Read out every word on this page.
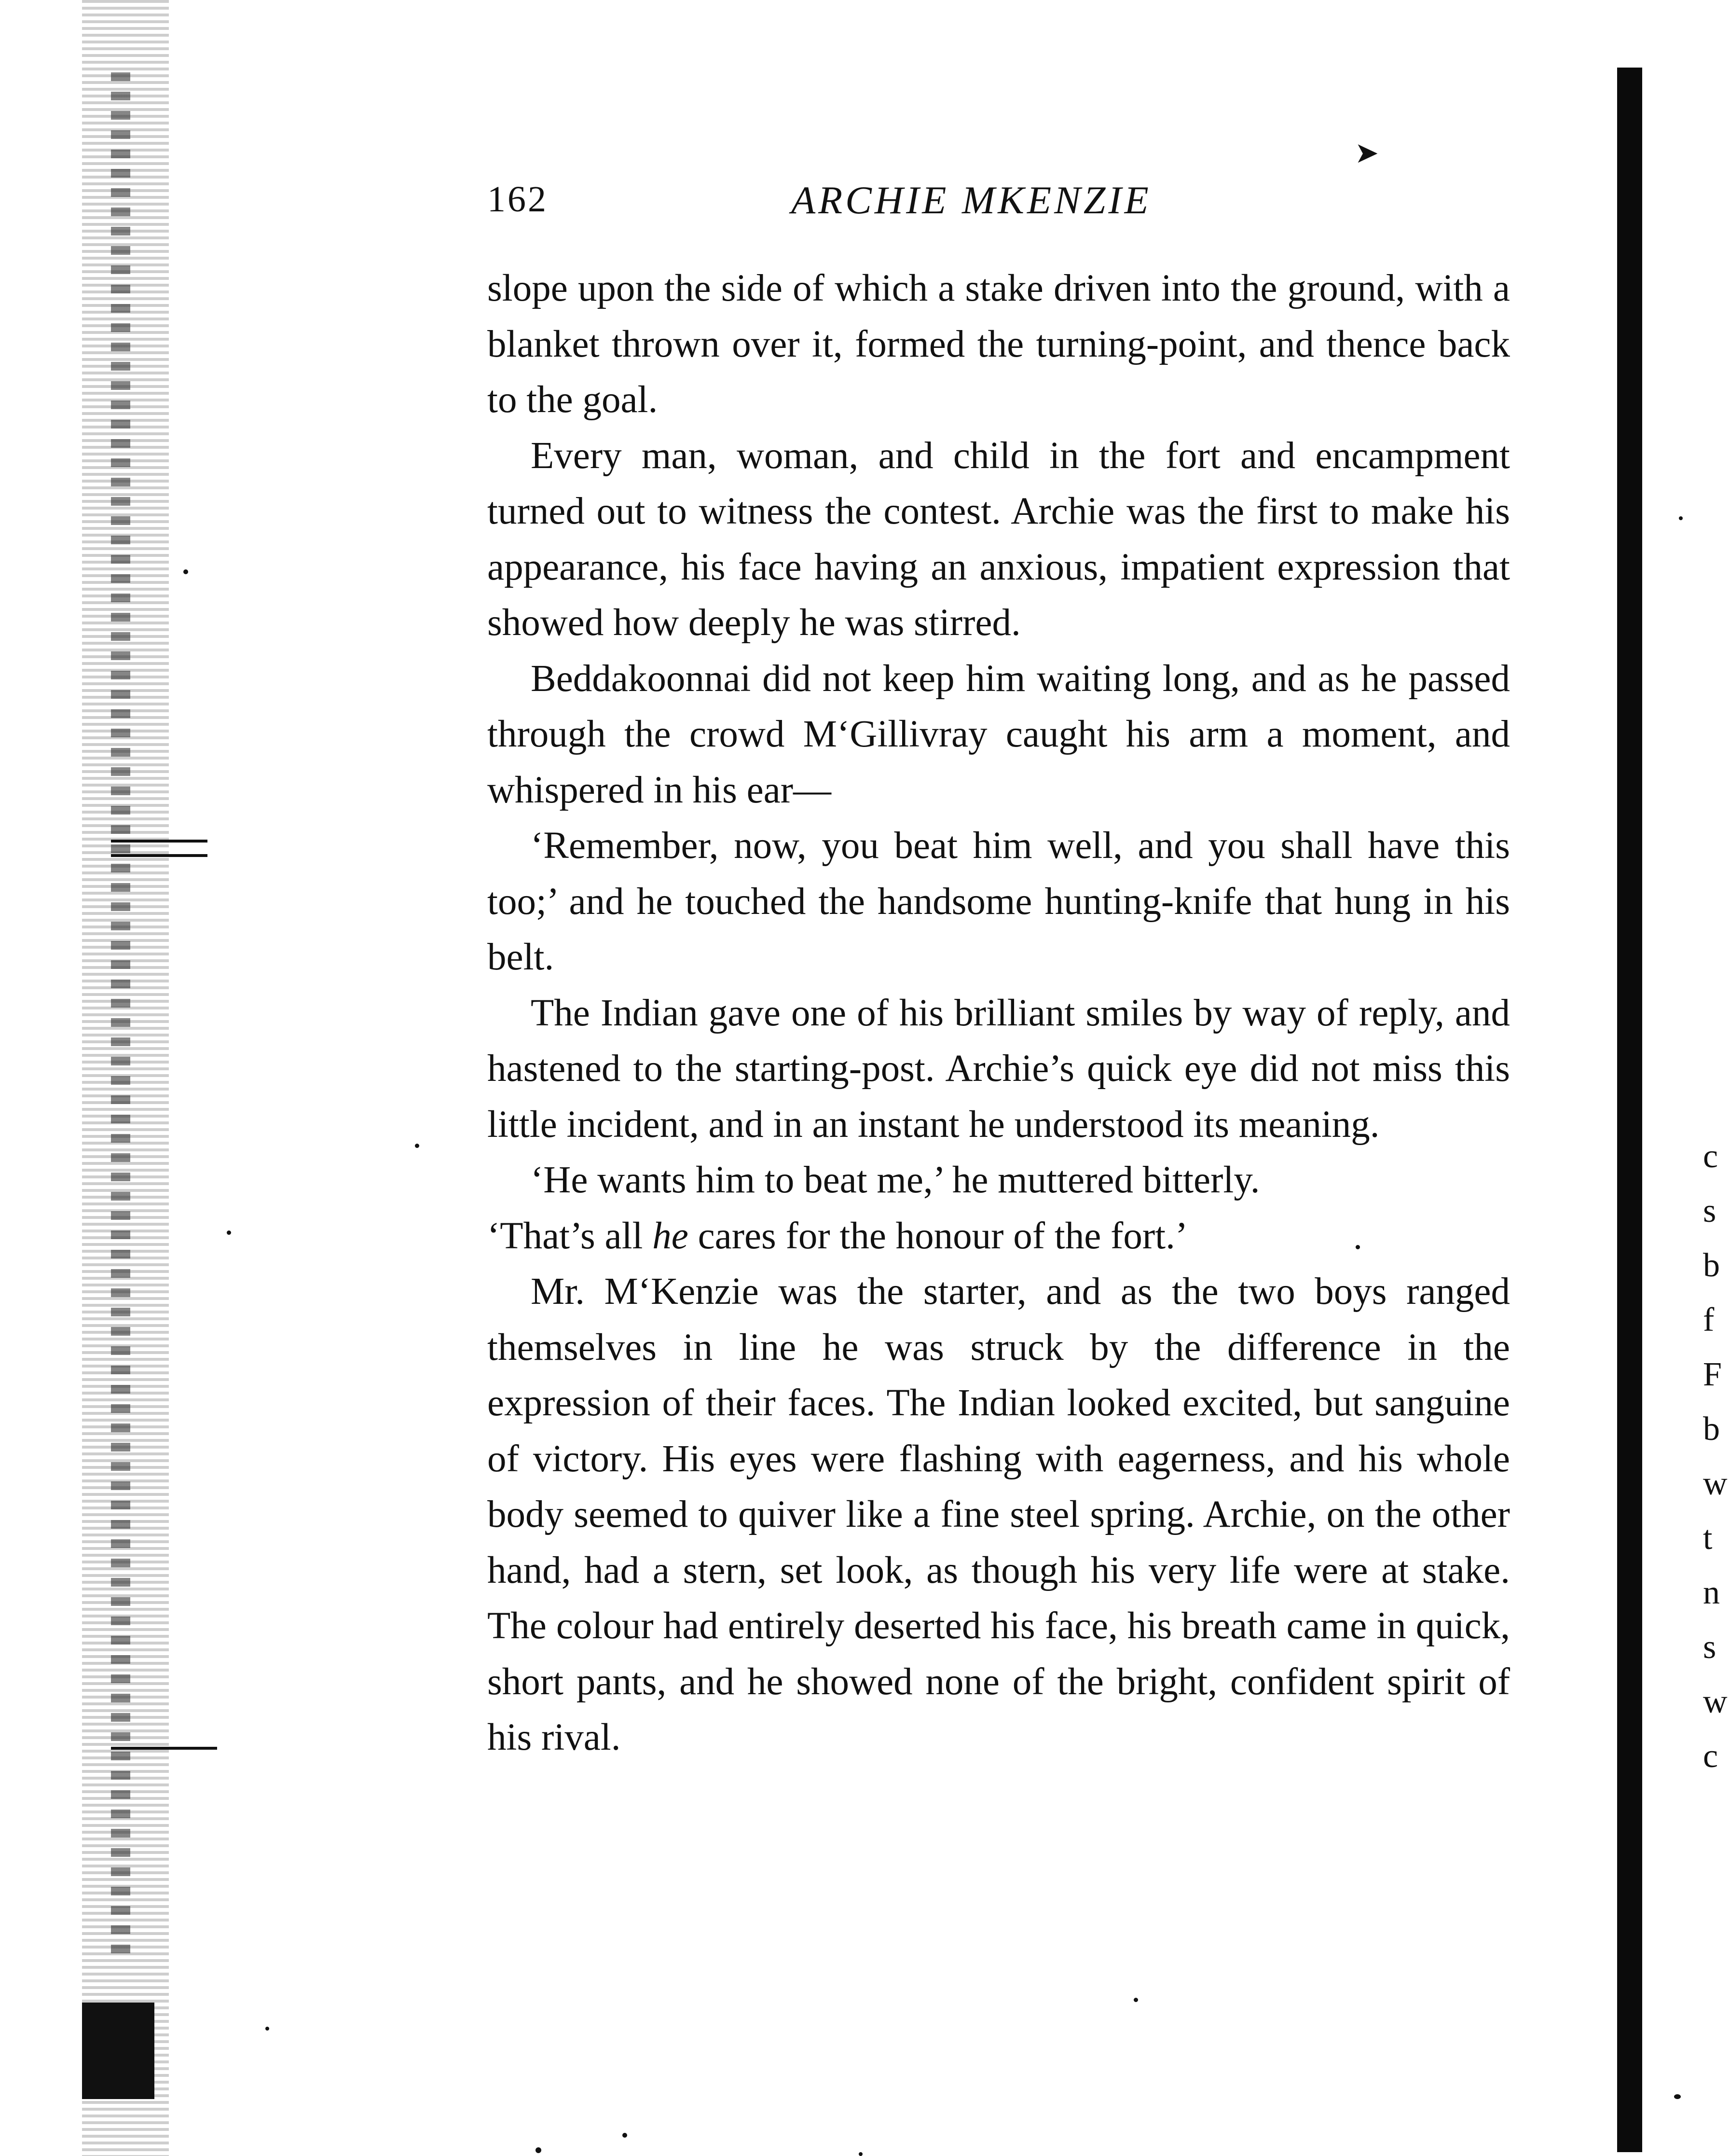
➤
c
s
b
f
F
b
w
t
n
s
w
c
162	ARCHIE MKENZIE

slope upon the side of which a stake driven into the ground, with a blanket thrown over it, formed the turning-point, and thence back to the goal.

Every man, woman, and child in the fort and encampment turned out to witness the contest. Archie was the first to make his appearance, his face having an anxious, impatient expression that showed how deeply he was stirred.

Beddakoonnai did not keep him waiting long, and as he passed through the crowd M‘Gillivray caught his arm a moment, and whispered in his ear—

‘Remember, now, you beat him well, and you shall have this too;’ and he touched the handsome hunting-knife that hung in his belt.

The Indian gave one of his brilliant smiles by way of reply, and hastened to the starting-post. Archie’s quick eye did not miss this little incident, and in an instant he understood its meaning.

‘He wants him to beat me,’ he muttered bitterly.

‘That’s all he cares for the honour of the fort.’

Mr. M‘Kenzie was the starter, and as the two boys ranged themselves in line he was struck by the difference in the expression of their faces. The Indian looked excited, but sanguine of victory. His eyes were flashing with eagerness, and his whole body seemed to quiver like a fine steel spring. Archie, on the other hand, had a stern, set look, as though his very life were at stake. The colour had entirely deserted his face, his breath came in quick, short pants, and he showed none of the bright, confident spirit of his rival.
